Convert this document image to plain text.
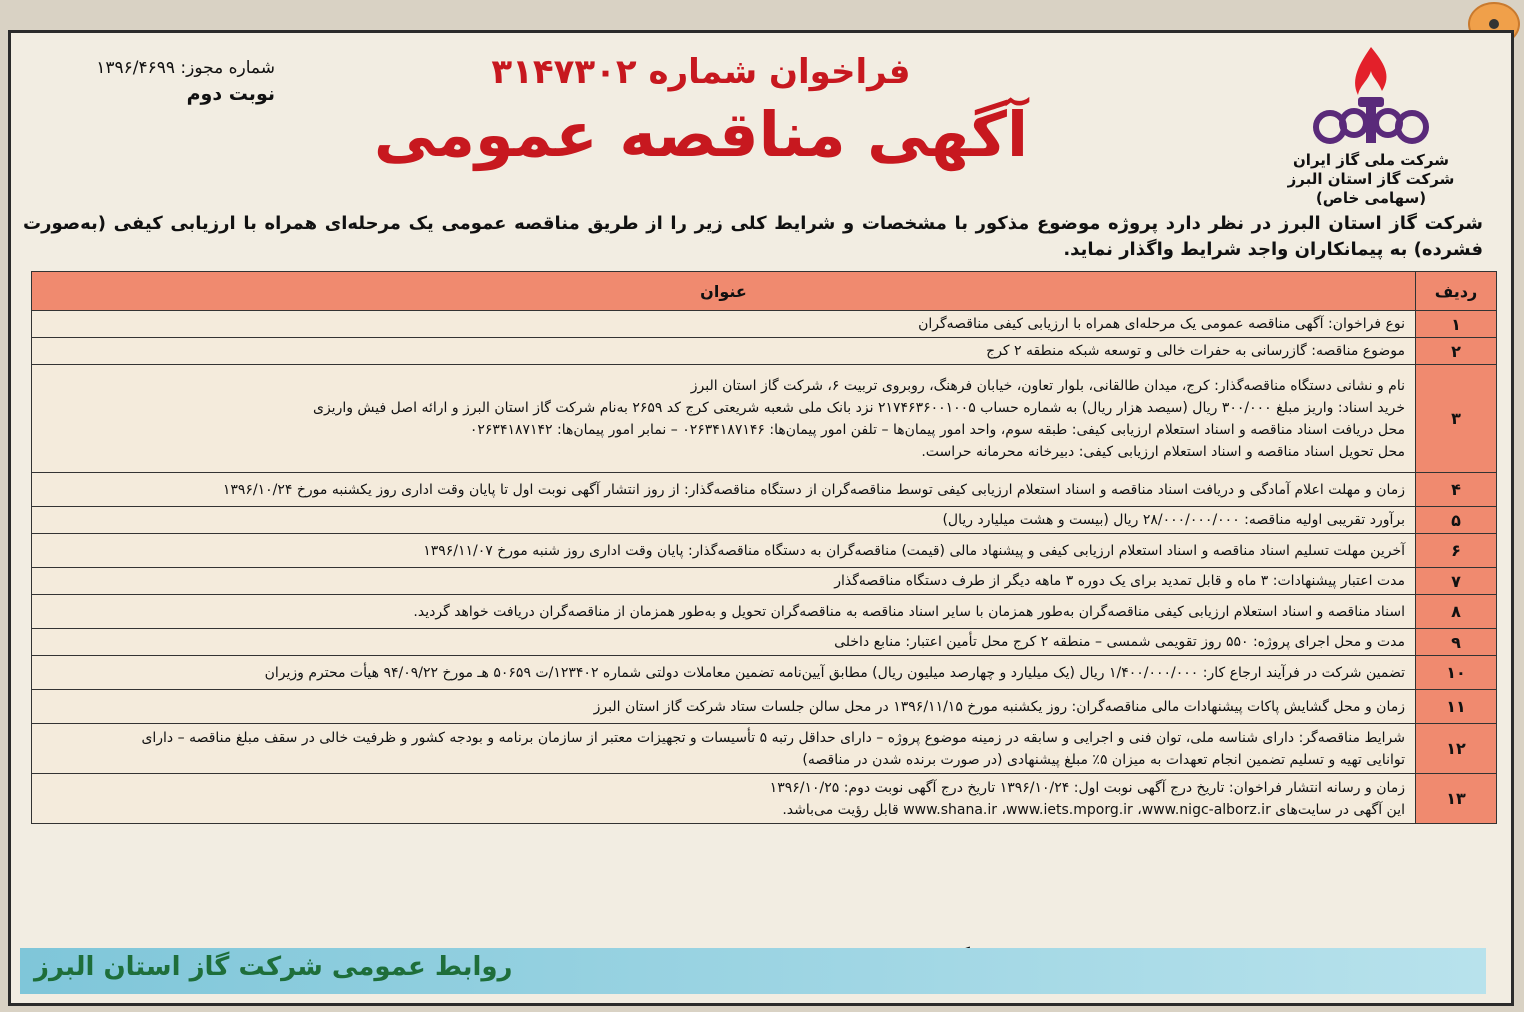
شرکت ملی گاز ایران
شرکت گاز استان البرز (سهامی خاص)
فراخوان شماره ۳۱۴۷۳۰۲
آگهی مناقصه عمومی
شماره مجوز: ۱۳۹۶/۴۶۹۹
نوبت دوم
شرکت گاز استان البرز در نظر دارد پروژه موضوع مذکور با مشخصات و شرایط کلی زیر را از طریق مناقصه عمومی یک مرحله‌ای همراه با ارزیابی کیفی (به‌صورت فشرده) به پیمانکاران واجد شرایط واگذار نماید.
ردیف	عنوان
۱	نوع فراخوان: آگهی مناقصه عمومی یک مرحله‌ای همراه با ارزیابی کیفی مناقصه‌گران

۲	موضوع مناقصه: گازرسانی به حفرات خالی و توسعه شبکه منطقه ۲ کرج

۳	نام و نشانی دستگاه مناقصه‌گذار: کرج، میدان طالقانی، بلوار تعاون، خیابان فرهنگ، روبروی تربیت ۶، شرکت گاز استان البرز
خرید اسناد: واریز مبلغ ۳۰۰/۰۰۰ ریال (سیصد هزار ریال) به شماره حساب ۲۱۷۴۶۳۶۰۰۱۰۰۵ نزد بانک ملی شعبه شریعتی کرج کد ۲۶۵۹ به‌نام شرکت گاز استان البرز و ارائه اصل فیش واریزی
محل دریافت اسناد مناقصه و اسناد استعلام ارزیابی کیفی: طبقه سوم، واحد امور پیمان‌ها – تلفن امور پیمان‌ها: ۰۲۶۳۴۱۸۷۱۴۶ – نمابر امور پیمان‌ها: ۰۲۶۳۴۱۸۷۱۴۲
محل تحویل اسناد مناقصه و اسناد استعلام ارزیابی کیفی: دبیرخانه محرمانه حراست.

۴	زمان و مهلت اعلام آمادگی و دریافت اسناد مناقصه و اسناد استعلام ارزیابی کیفی توسط مناقصه‌گران از دستگاه مناقصه‌گذار: از روز انتشار آگهی نوبت اول تا پایان وقت اداری روز یکشنبه مورخ ۱۳۹۶/۱۰/۲۴

۵	برآورد تقریبی اولیه مناقصه: ۲۸/۰۰۰/۰۰۰/۰۰۰ ریال (بیست و هشت میلیارد ریال)

۶	آخرین مهلت تسلیم اسناد مناقصه و اسناد استعلام ارزیابی کیفی و پیشنهاد مالی (قیمت) مناقصه‌گران به دستگاه مناقصه‌گذار: پایان وقت اداری روز شنبه مورخ ۱۳۹۶/۱۱/۰۷

۷	مدت اعتبار پیشنهادات: ۳ ماه و قابل تمدید برای یک دوره ۳ ماهه دیگر از طرف دستگاه مناقصه‌گذار

۸	اسناد مناقصه و اسناد استعلام ارزیابی کیفی مناقصه‌گران به‌طور همزمان با سایر اسناد مناقصه به مناقصه‌گران تحویل و به‌طور همزمان از مناقصه‌گران دریافت خواهد گردید.

۹	مدت و محل اجرای پروژه: ۵۵۰ روز تقویمی شمسی – منطقه ۲ کرج محل تأمین اعتبار: منابع داخلی

۱۰	تضمین شرکت در فرآیند ارجاع کار: ۱/۴۰۰/۰۰۰/۰۰۰ ریال (یک میلیارد و چهارصد میلیون ریال) مطابق آیین‌نامه تضمین معاملات دولتی شماره ۱۲۳۴۰۲/ت ۵۰۶۵۹ هـ مورخ ۹۴/۰۹/۲۲ هیأت محترم وزیران

۱۱	زمان و محل گشایش پاکات پیشنهادات مالی مناقصه‌گران: روز یکشنبه مورخ ۱۳۹۶/۱۱/۱۵ در محل سالن جلسات ستاد شرکت گاز استان البرز

۱۲	شرایط مناقصه‌گر: دارای شناسه ملی، توان فنی و اجرایی و سابقه در زمینه موضوع پروژه – دارای حداقل رتبه ۵ تأسیسات و تجهیزات معتبر از سازمان برنامه و بودجه کشور و ظرفیت خالی در سقف مبلغ مناقصه – دارای
توانایی تهیه و تسلیم تضمین انجام تعهدات به میزان ۵٪ مبلغ پیشنهادی (در صورت برنده شدن در مناقصه)

۱۳	زمان و رسانه انتشار فراخوان: تاریخ درج آگهی نوبت اول: ۱۳۹۶/۱۰/۲۴ تاریخ درج آگهی نوبت دوم: ۱۳۹۶/۱۰/۲۵
این آگهی در سایت‌های www.shana.ir ،www.iets.mporg.ir ،www.nigc-alborz.ir قابل رؤیت می‌باشد.
روابط عمومی شرکت گاز استان البرز
